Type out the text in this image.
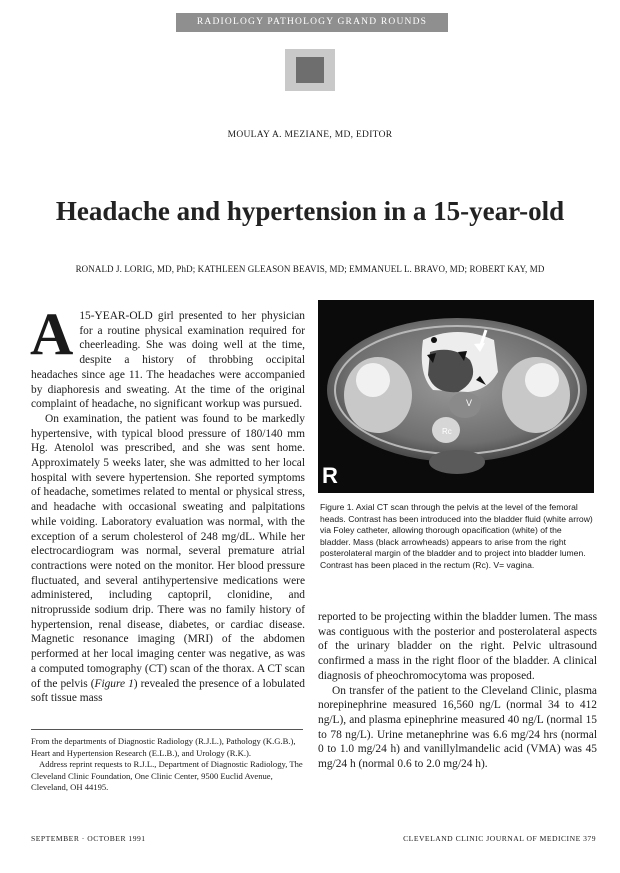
RADIOLOGY PATHOLOGY GRAND ROUNDS
MOULAY A. MEZIANE, MD, EDITOR
Headache and hypertension in a 15-year-old
RONALD J. LORIG, MD, PhD; KATHLEEN GLEASON BEAVIS, MD; EMMANUEL L. BRAVO, MD; ROBERT KAY, MD

A 15-YEAR-OLD girl presented to her physician for a routine physical examination required for cheerleading. She was doing well at the time, despite a history of throbbing occipital headaches since age 11. The headaches were accompanied by diaphoresis and sweating. At the time of the original complaint of headache, no significant workup was pursued.

On examination, the patient was found to be markedly hypertensive, with typical blood pressure of 180/140 mm Hg. Atenolol was prescribed, and she was sent home. Approximately 5 weeks later, she was admitted to her local hospital with severe hypertension. She reported symptoms of headache, sometimes related to mental or physical stress, and headache with occasional sweating and palpitations while voiding. Laboratory evaluation was normal, with the exception of a serum cholesterol of 248 mg/dL. While her electrocardiogram was normal, several premature atrial contractions were noted on the monitor. Her blood pressure fluctuated, and several antihypertensive medications were administered, including captopril, clonidine, and nitroprusside sodium drip. There was no family history of hypertension, renal disease, diabetes, or cardiac disease. Magnetic resonance imaging (MRI) of the abdomen performed at her local imaging center was negative, as was a computed tomography (CT) scan of the thorax. A CT scan of the pelvis (Figure 1) revealed the presence of a lobulated soft tissue mass

V
Rc
R
Figure 1. Axial CT scan through the pelvis at the level of the femoral heads. Contrast has been introduced into the bladder fluid (white arrow) via Foley catheter, allowing thorough opacification (white) of the bladder. Mass (black arrowheads) appears to arise from the right posterolateral margin of the bladder and to project into bladder lumen. Contrast has been placed in the rectum (Rc). V= vagina.

reported to be projecting within the bladder lumen. The mass was contiguous with the posterior and posterolateral aspects of the urinary bladder on the right. Pelvic ultrasound confirmed a mass in the right floor of the bladder. A clinical diagnosis of pheochromocytoma was proposed.

On transfer of the patient to the Cleveland Clinic, plasma norepinephrine measured 16,560 ng/L (normal 34 to 412 ng/L), and plasma epinephrine measured 40 ng/L (normal 15 to 78 ng/L). Urine metanephrine was 6.6 mg/24 hrs (normal 0 to 1.0 mg/24 h) and vanillylmandelic acid (VMA) was 45 mg/24 h (normal 0.6 to 2.0 mg/24 h).

From the departments of Diagnostic Radiology (R.J.L.), Pathology (K.G.B.), Heart and Hypertension Research (E.L.B.), and Urology (R.K.).

Address reprint requests to R.J.L., Department of Diagnostic Radiology, The Cleveland Clinic Foundation, One Clinic Center, 9500 Euclid Avenue, Cleveland, OH 44195.

SEPTEMBER · OCTOBER 1991	CLEVELAND CLINIC JOURNAL OF MEDICINE 379
